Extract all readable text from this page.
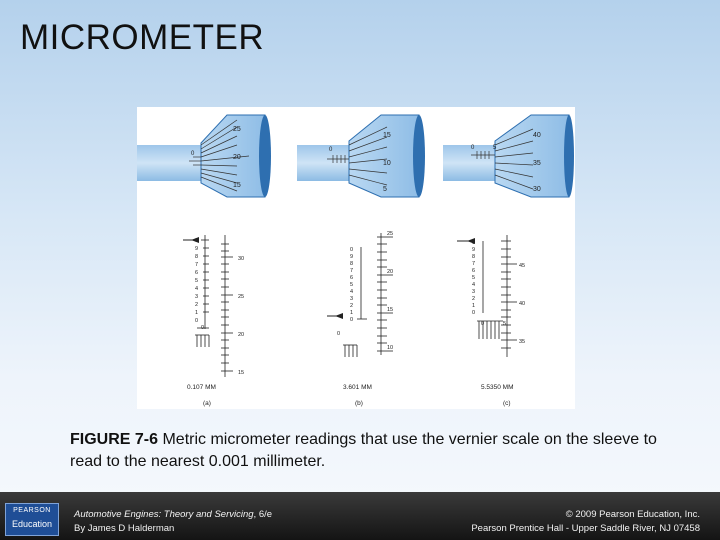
MICROMETER
25
20
15
0
15
10
5
0
40
35
30
0	5
0
9
8
7
6
5
4
3
2
1
0
0
30
25
20
15
0.107 MM
(a)
0
9
8
7
6
5
4
3
2
1
0
0
25
20
15
10
3.601 MM
(b)
0
9
8
7
6
5
4
3
2
1
0
0	5
45
40
35
5.5350 MM
(c)
FIGURE 7-6 Metric micrometer readings that use the vernier scale on the sleeve to read to the nearest 0.001 millimeter.
PEARSON
Education
Automotive Engines: Theory and Servicing, 6/e
By James D Halderman
© 2009 Pearson Education, Inc.
Pearson Prentice Hall - Upper Saddle River, NJ 07458
